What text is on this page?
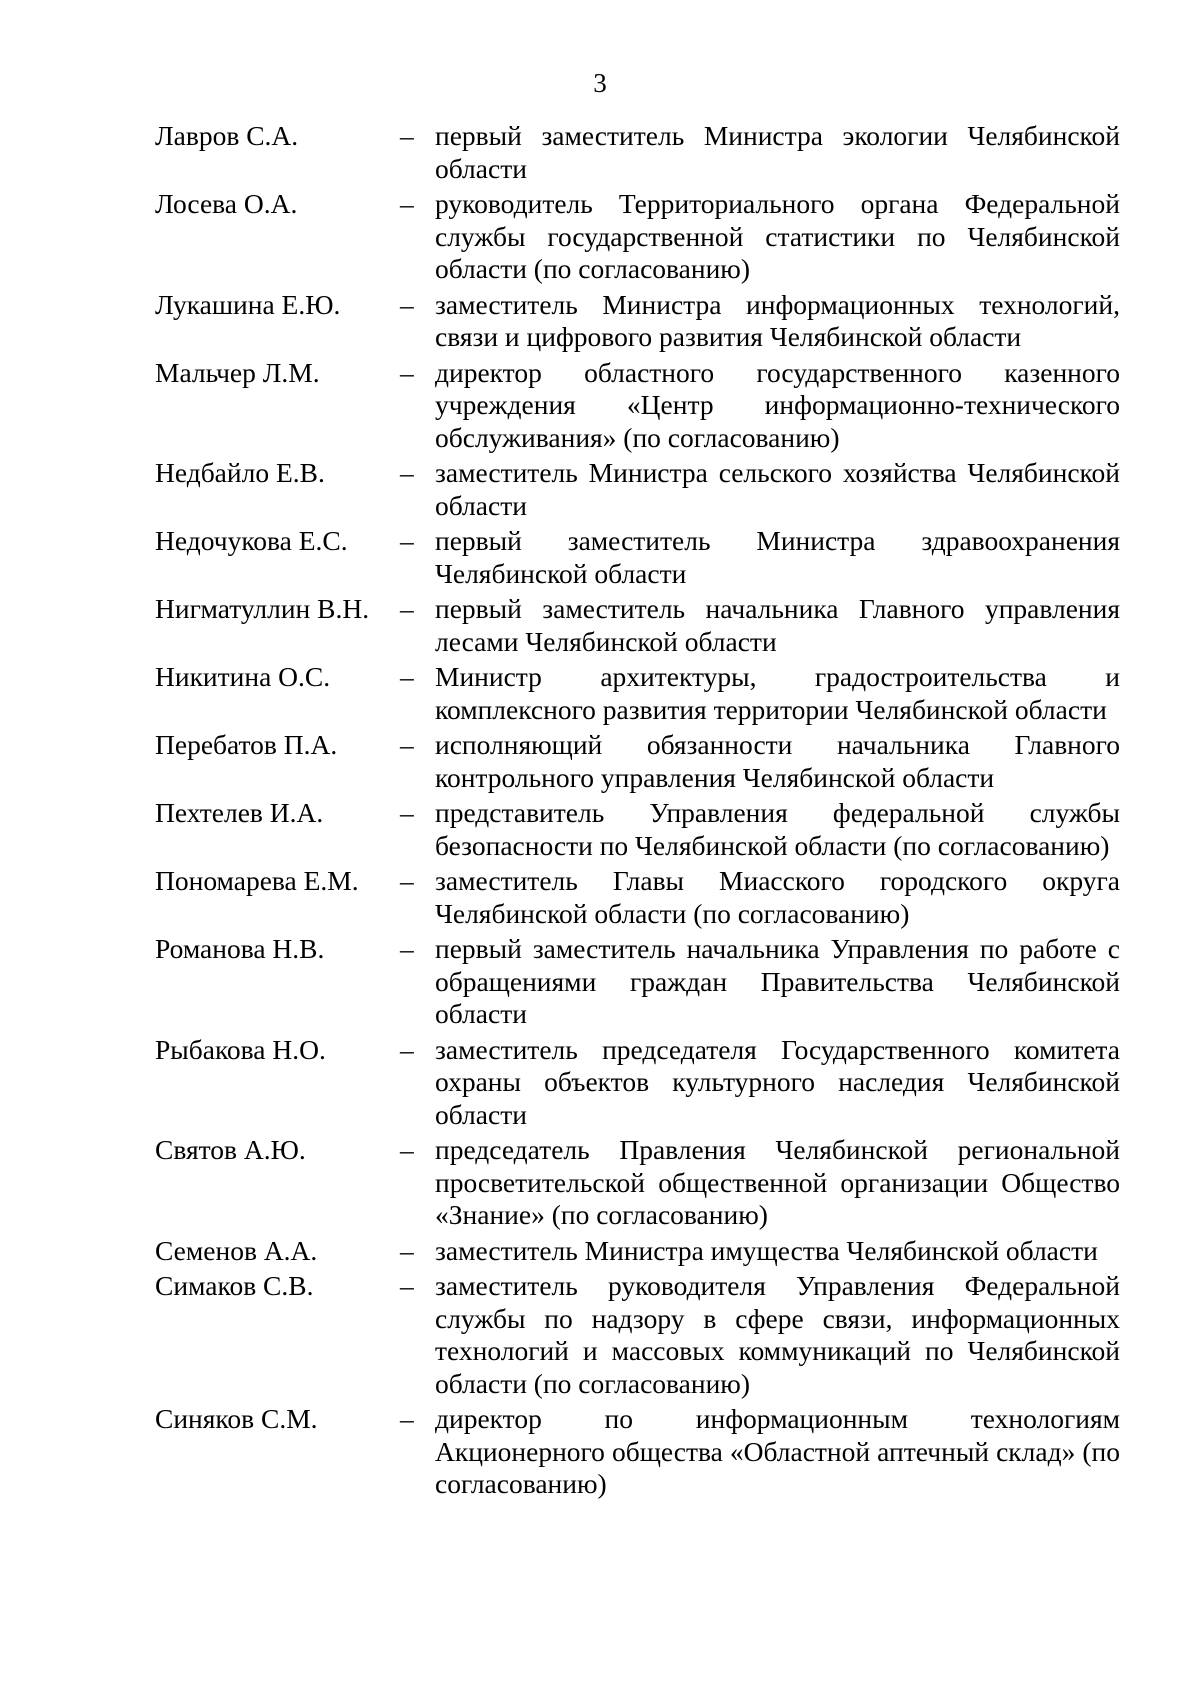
3
Лавров С.А.	– первый заместитель Министра экологии Челябинской области
Лосева О.А.	– руководитель Территориального органа Федеральной службы государственной статистики по Челябинской области (по согласованию)
Лукашина Е.Ю.	– заместитель Министра информационных технологий, связи и цифрового развития Челябинской области
Мальчер Л.М.	– директор областного государственного казенного учреждения «Центр информационно-технического обслуживания» (по согласованию)
Недбайло Е.В.	– заместитель Министра сельского хозяйства Челябинской области
Недочукова Е.С.	– первый заместитель Министра здравоохранения Челябинской области
Нигматуллин В.Н.	– первый заместитель начальника Главного управления лесами Челябинской области
Никитина О.С.	– Министр архитектуры, градостроительства и комплексного развития территории Челябинской области
Перебатов П.А.	– исполняющий обязанности начальника Главного контрольного управления Челябинской области
Пехтелев И.А.	– представитель Управления федеральной службы безопасности по Челябинской области (по согласованию)
Пономарева Е.М.	– заместитель Главы Миасского городского округа Челябинской области (по согласованию)
Романова Н.В.	– первый заместитель начальника Управления по работе с обращениями граждан Правительства Челябинской области
Рыбакова Н.О.	– заместитель председателя Государственного комитета охраны объектов культурного наследия Челябинской области
Святов А.Ю.	– председатель Правления Челябинской региональной просветительской общественной организации Общество «Знание» (по согласованию)
Семенов А.А.	– заместитель Министра имущества Челябинской области
Симаков С.В.	– заместитель руководителя Управления Федеральной службы по надзору в сфере связи, информационных технологий и массовых коммуникаций по Челябинской области (по согласованию)
Синяков С.М.	– директор по информационным технологиям Акционерного общества «Областной аптечный склад» (по согласованию)
